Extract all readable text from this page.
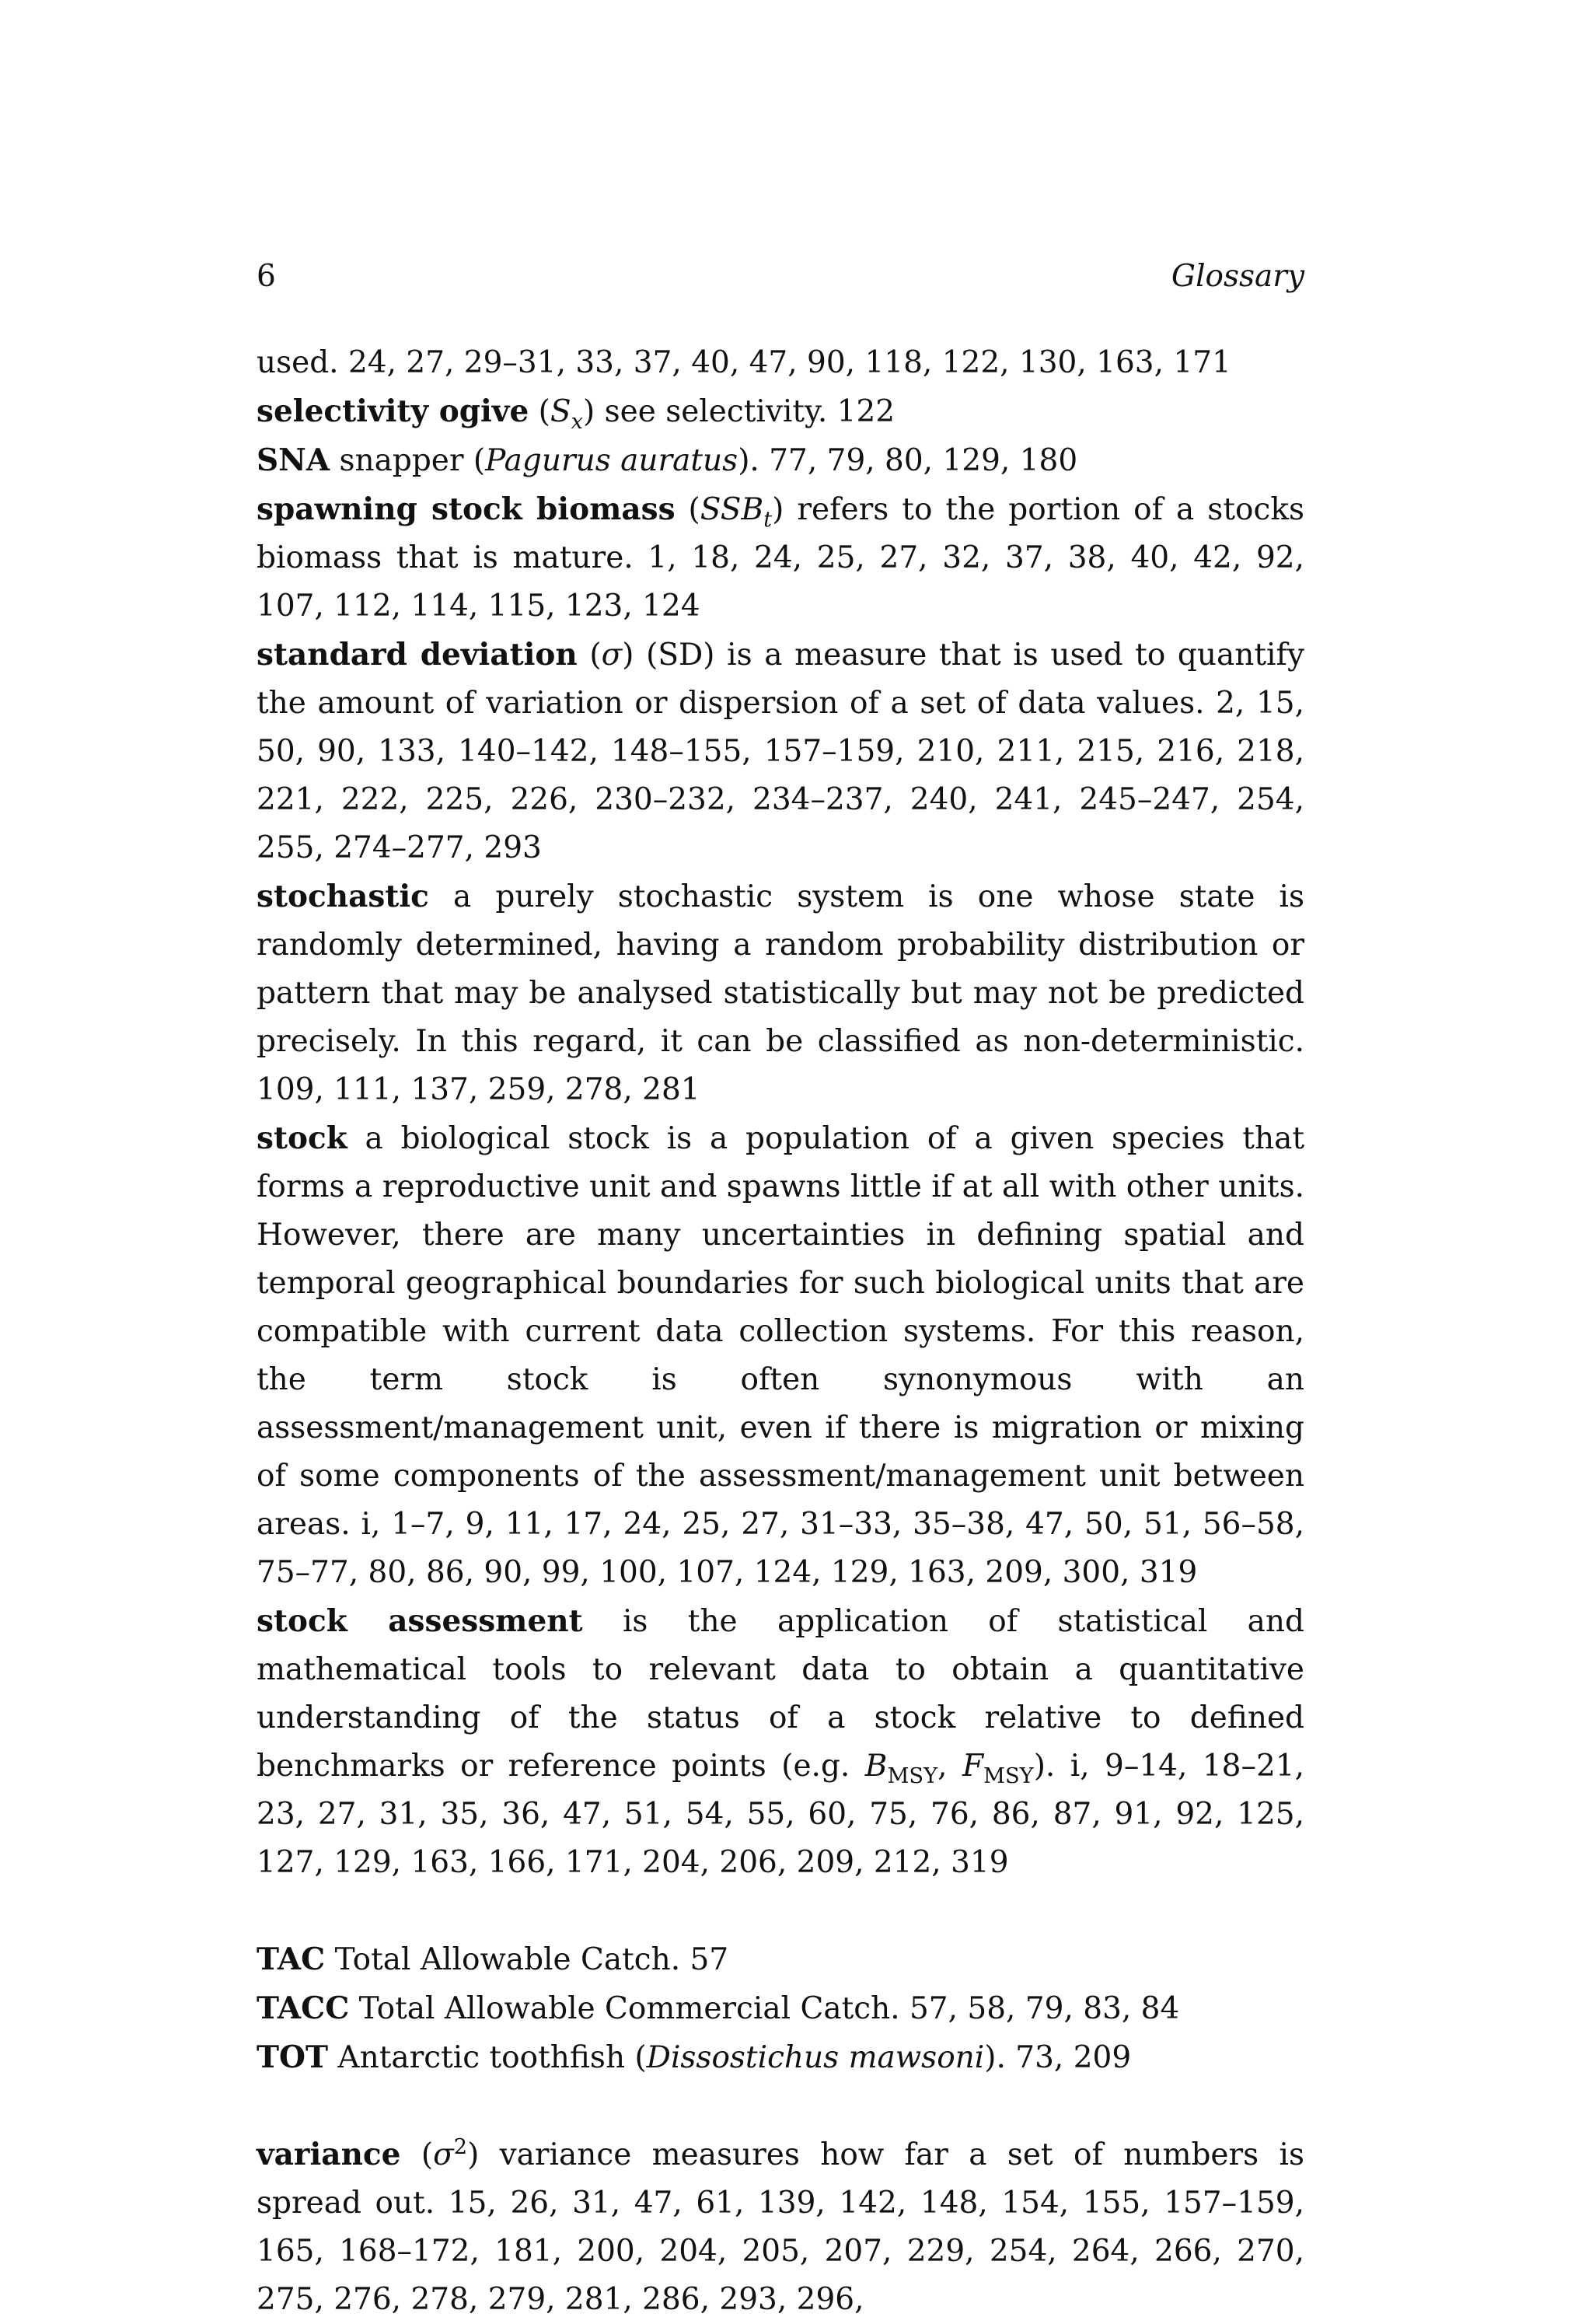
6	Glossary

used. 24, 27, 29–31, 33, 37, 40, 47, 90, 118, 122, 130, 163, 171

selectivity ogive $(S_x)$ see selectivity. 122

SNA snapper (Pagurus auratus). 77, 79, 80, 129, 180

spawning stock biomass $(SSB_t)$ refers to the portion of a stocks biomass that is mature. 1, 18, 24, 25, 27, 32, 37, 38, 40, 42, 92, 107, 112, 114, 115, 123, 124

standard deviation (σ) (SD) is a measure that is used to quantify the amount of variation or dispersion of a set of data values. 2, 15, 50, 90, 133, 140–142, 148–155, 157–159, 210, 211, 215, 216, 218, 221, 222, 225, 226, 230–232, 234–237, 240, 241, 245–247, 254, 255, 274–277, 293

stochastic a purely stochastic system is one whose state is randomly determined, having a random probability distribution or pattern that may be analysed statistically but may not be predicted precisely. In this regard, it can be classified as non-deterministic. 109, 111, 137, 259, 278, 281

stock a biological stock is a population of a given species that forms a reproductive unit and spawns little if at all with other units. However, there are many uncertainties in defining spatial and temporal geographical boundaries for such biological units that are compatible with current data collection systems. For this reason, the term stock is often synonymous with an assessment/management unit, even if there is migration or mixing of some components of the assessment/management unit between areas. i, 1–7, 9, 11, 17, 24, 25, 27, 31–33, 35–38, 47, 50, 51, 56–58, 75–77, 80, 86, 90, 99, 100, 107, 124, 129, 163, 209, 300, 319

stock assessment is the application of statistical and mathematical tools to relevant data to obtain a quantitative understanding of the status of a stock relative to defined benchmarks or reference points (e.g. $B_{MSY}$, $F_{MSY}$). i, 9–14, 18–21, 23, 27, 31, 35, 36, 47, 51, 54, 55, 60, 75, 76, 86, 87, 91, 92, 125, 127, 129, 163, 166, 171, 204, 206, 209, 212, 319

TAC Total Allowable Catch. 57

TACC Total Allowable Commercial Catch. 57, 58, 79, 83, 84

TOT Antarctic toothfish (Dissostichus mawsoni). 73, 209

variance $(\sigma^2)$ variance measures how far a set of numbers is spread out. 15, 26, 31, 47, 61, 139, 142, 148, 154, 155, 157–159, 165, 168–172, 181, 200, 204, 205, 207, 229, 254, 264, 266, 270, 275, 276, 278, 279, 281, 286, 293, 296,
